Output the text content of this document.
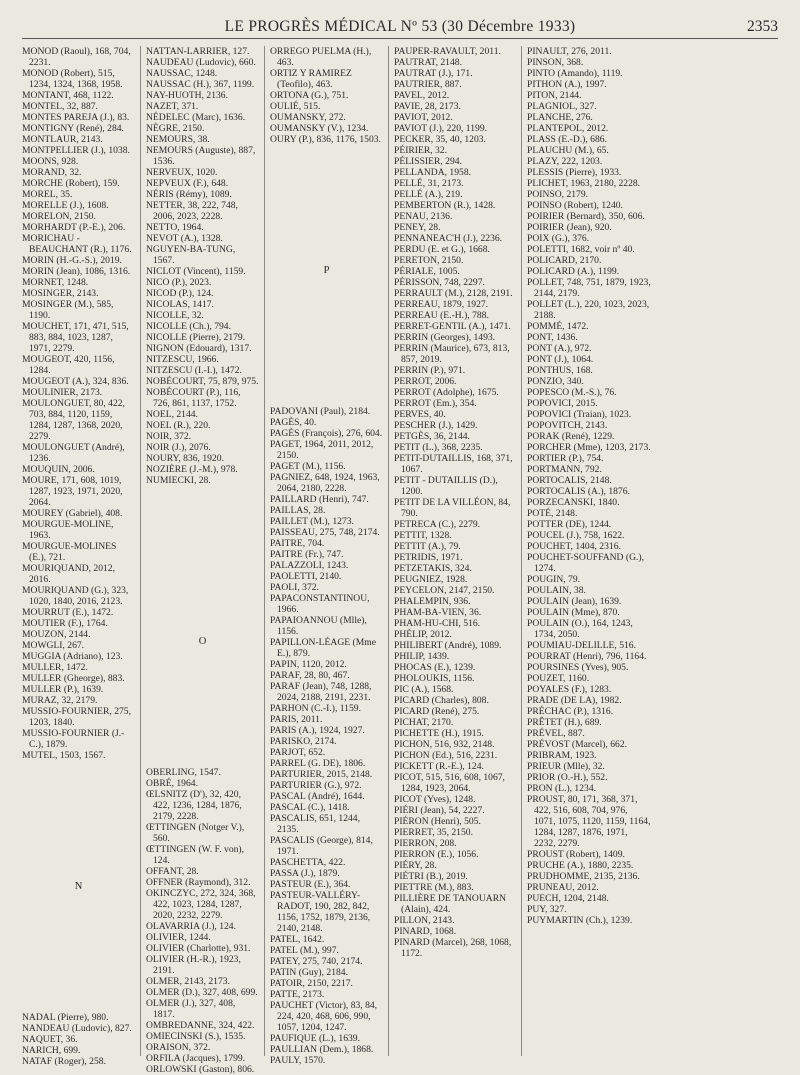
LE PROGRÈS MÉDICAL Nº 53 (30 Décembre 1933)	2353
MONOD (Raoul), 168, 704, 2231.
MONOD (Robert), 515, 1234, 1324, 1368, 1958.
MONTANT, 468, 1122.
MONTEL, 32, 887.
MONTES PAREJA (J.), 83.
MONTIGNY (René), 284.
MONTLAUR, 2143.
MONTPELLIER (J.), 1038.
MOONS, 928.
MORAND, 32.
MORCHE (Robert), 159.
MOREL, 35.
MORELLE (J.), 1608.
MORELON, 2150.
MORHARDT (P.-E.), 206.
MORICHAU - BEAUCHANT (R.), 1176.
MORIN (H.-G.-S.), 2019.
MORIN (Jean), 1086, 1316.
MORNET, 1248.
MOSINGER, 2143.
MOSINGER (M.), 585, 1190.
MOUCHET, 171, 471, 515, 883, 884, 1023, 1287, 1971, 2279.
MOUGEOT, 420, 1156, 1284.
MOUGEOT (A.), 324, 836.
MOULINIER, 2173.
MOULONGUET, 80, 422, 703, 884, 1120, 1159, 1284, 1287, 1368, 2020, 2279.
MOULONGUET (André), 1236.
MOUQUIN, 2006.
MOURE, 171, 608, 1019, 1287, 1923, 1971, 2020, 2064.
MOUREY (Gabriel), 408.
MOURGUE-MOLINE, 1963.
MOURGUE-MOLINES (E.), 721.
MOURIQUAND, 2012, 2016.
MOURIQUAND (G.), 323, 1020, 1840, 2016, 2123.
MOURRUT (E.), 1472.
MOUTIER (F.), 1764.
MOUZON, 2144.
MOWGLI, 267.
MUGGIA (Adriano), 123.
MULLER, 1472.
MULLER (Gheorge), 883.
MULLER (P.), 1639.
MURAZ, 32, 2179.
MUSSIO-FOURNIER, 275, 1203, 1840.
MUSSIO-FOURNIER (J.-C.), 1879.
MUTEL, 1503, 1567.
N
NADAL (Pierre), 980.
NANDEAU (Ludovic), 827.
NAQUET, 36.
NARICH, 699.
NATAF (Roger), 258.
NATTAN-LARRIER, 127.
NAUDEAU (Ludovic), 660.
NAUSSAC, 1248.
NAUSSAC (H.), 367, 1199.
NAY-HUOTH, 2136.
NAZET, 371.
NÉDELEC (Marc), 1636.
NÈGRE, 2150.
NEMOURS, 38.
NEMOURS (Auguste), 887, 1536.
NERVEUX, 1020.
NEPVEUX (F.), 648.
NÉRIS (Rémy), 1089.
NETTER, 38, 222, 748, 2006, 2023, 2228.
NETTO, 1964.
NEVOT (A.), 1328.
NGUYEN-BA-TUNG, 1567.
NICLOT (Vincent), 1159.
NICO (P.), 2023.
NICOD (P.), 124.
NICOLAS, 1417.
NICOLLE, 32.
NICOLLE (Ch.), 794.
NICOLLE (Pierre), 2179.
NIGNON (Edouard), 1317.
NITZESCU, 1966.
NITZESCU (I.-I.), 1472.
NOBÉCOURT, 75, 879, 975.
NOBÉCOURT (P.), 116, 726, 861, 1137, 1752.
NOEL, 2144.
NOEL (R.), 220.
NOIR, 372.
NOIR (J.), 2076.
NOURY, 836, 1920.
NOZIÈRE (J.-M.), 978.
NUMIECKI, 28.
O
OBERLING, 1547.
OBRÉ, 1964.
ŒLSNITZ (D'), 32, 420, 422, 1236, 1284, 1876, 2179, 2228.
ŒTTINGEN (Notger V.), 560.
ŒTTINGEN (W. F. von), 124.
OFFANT, 28.
OFFNER (Raymond), 312.
OKINCZYC, 272, 324, 368, 422, 1023, 1284, 1287, 2020, 2232, 2279.
OLAVARRIA (J.), 124.
OLIVIER, 1244.
OLIVIER (Charlotte), 931.
OLIVIER (H.-R.), 1923, 2191.
OLMER, 2143, 2173.
OLMER (D.), 327, 408, 699.
OLMER (J.), 327, 408, 1817.
OMBREDANNE, 324, 422.
OMIECINSKI (S.), 1535.
ORAISON, 372.
ORFILA (Jacques), 1799.
ORLOWSKI (Gaston), 806.
ORREGO PUELMA (H.), 463.
ORTIZ Y RAMIREZ (Teofilo), 463.
ORTONA (G.), 751.
OULIÉ, 515.
OUMANSKY, 272.
OUMANSKY (V.), 1234.
OURY (P.), 836, 1176, 1503.
P
PADOVANI (Paul), 2184.
PAGÈS, 40.
PAGÈS (François), 276, 604.
PAGET, 1964, 2011, 2012, 2150.
PAGET (M.), 1156.
PAGNIEZ, 648, 1924, 1963, 2064, 2180, 2228.
PAILLARD (Henri), 747.
PAILLAS, 28.
PAILLET (M.), 1273.
PAISSEAU, 275, 748, 2174.
PAITRE, 704.
PAITRE (Fr.), 747.
PALAZZOLI, 1243.
PAOLETTI, 2140.
PAOLI, 372.
PAPACONSTANTINOU, 1966.
PAPAIOANNOU (Mlle), 1156.
PAPILLON-LÉAGE (Mme E.), 879.
PAPIN, 1120, 2012.
PARAF, 28, 80, 467.
PARAF (Jean), 748, 1288, 2024, 2188, 2191, 2231.
PARHON (C.-I.), 1159.
PARIS, 2011.
PARIS (A.), 1924, 1927.
PARISKO, 2174.
PARJOT, 652.
PARREL (G. DE), 1806.
PARTURIER, 2015, 2148.
PARTURIER (G.), 972.
PASCAL (André), 1644.
PASCAL (C.), 1418.
PASCALIS, 651, 1244, 2135.
PASCALIS (George), 814, 1971.
PASCHETTA, 422.
PASSA (J.), 1879.
PASTEUR (E.), 364.
PASTEUR-VALLÉRY-RADOT, 190, 282, 842, 1156, 1752, 1879, 2136, 2140, 2148.
PATEL, 1642.
PATEL (M.), 997.
PATEY, 275, 740, 2174.
PATIN (Guy), 2184.
PATOIR, 2150, 2217.
PATTE, 2173.
PAUCHET (Victor), 83, 84, 224, 420, 468, 606, 990, 1057, 1204, 1247.
PAUFIQUE (L.), 1639.
PAULLIAN (Dem.), 1868.
PAULY, 1570.
PAUPER-RAVAULT, 2011.
PAUTRAT, 2148.
PAUTRAT (J.), 171.
PAUTRIER, 887.
PAVEL, 2012.
PAVIE, 28, 2173.
PAVIOT, 2012.
PAVIOT (J.), 220, 1199.
PECKER, 35, 40, 1203.
PÉIRIER, 32.
PÉLISSIER, 294.
PELLANDA, 1958.
PELLÉ, 31, 2173.
PELLÉ (A.), 219.
PEMBERTON (R.), 1428.
PENAU, 2136.
PENEY, 28.
PENNANEAC'H (J.), 2236.
PERDU (E. et G.), 1668.
PERETON, 2150.
PÉRIALE, 1005.
PÉRISSON, 748, 2297.
PERRAULT (M.), 2128, 2191.
PERREAU, 1879, 1927.
PERREAU (E.-H.), 788.
PERRET-GENTIL (A.), 1471.
PERRIN (Georges), 1493.
PERRIN (Maurice), 673, 813, 857, 2019.
PERRIN (P.), 971.
PERROT, 2006.
PERROT (Adolphe), 1675.
PERROT (Em.), 354.
PERVES, 40.
PESCHER (J.), 1429.
PETGÈS, 36, 2144.
PETIT (L.), 368, 2235.
PETIT-DUTAILLIS, 168, 371, 1067.
PETIT - DUTAILLIS (D.), 1200.
PETIT DE LA VILLÉON, 84, 790.
PETRECA (C.), 2279.
PETTIT, 1328.
PETTIT (A.), 79.
PETRIDIS, 1971.
PETZETAKIS, 324.
PEUGNIEZ, 1928.
PEYCELON, 2147, 2150.
PHALEMPIN, 936.
PHAM-BA-VIEN, 36.
PHAM-HU-CHI, 516.
PHÉLIP, 2012.
PHILIBERT (André), 1089.
PHILIP, 1439.
PHOCAS (E.), 1239.
PHOLOUKIS, 1156.
PIC (A.), 1568.
PICARD (Charles), 808.
PICARD (René), 275.
PICHAT, 2170.
PICHETTE (H.), 1915.
PICHON, 516, 932, 2148.
PICHON (Ed.), 516, 2231.
PICKETT (R.-E.), 124.
PICOT, 515, 516, 608, 1067, 1284, 1923, 2064.
PICOT (Yves), 1248.
PIÉRI (Jean), 54, 2227.
PIÉRON (Henri), 505.
PIERRET, 35, 2150.
PIERRON, 208.
PIERRON (E.), 1056.
PIÉRY, 28.
PIÉTRI (B.), 2019.
PIETTRE (M.), 883.
PILLIÈRE DE TANOUARN (Alain), 424.
PILLON, 2143.
PINARD, 1068.
PINARD (Marcel), 268, 1068, 1172.
PINAULT, 276, 2011.
PINSON, 368.
PINTO (Amando), 1119.
PITHON (A.), 1997.
PITON, 2144.
PLAGNIOL, 327.
PLANCHE, 276.
PLANTEPOL, 2012.
PLASS (E.-D.), 686.
PLAUCHU (M.), 65.
PLAZY, 222, 1203.
PLESSIS (Pierre), 1933.
PLICHET, 1963, 2180, 2228.
POINSO, 2179.
POINSO (Robert), 1240.
POIRIER (Bernard), 350, 606.
POIRIER (Jean), 920.
POIX (G.), 376.
POLETTI, 1682, voir nº 40.
POLICARD, 2170.
POLICARD (A.), 1199.
POLLET, 748, 751, 1879, 1923, 2144, 2179.
POLLET (L.), 220, 1023, 2023, 2188.
POMMÉ, 1472.
PONT, 1436.
PONT (A.), 972.
PONT (J.), 1064.
PONTHUS, 168.
PONZIO, 340.
POPESCO (M.-S.), 76.
POPOVICI, 2015.
POPOVICI (Traian), 1023.
POPOVITCH, 2143.
PORAK (René), 1229.
PORCHER (Mme), 1203, 2173.
PORTIER (P.), 754.
PORTMANN, 792.
PORTOCALIS, 2148.
PORTOCALIS (A.), 1876.
PORZECANSKI, 1840.
POTÉ, 2148.
POTTER (DE), 1244.
POUCEL (J.), 758, 1622.
POUCHET, 1404, 2316.
POUCHET-SOUFFAND (G.), 1274.
POUGIN, 79.
POULAIN, 38.
POULAIN (Jean), 1639.
POULAIN (Mme), 870.
POULAIN (O.), 164, 1243, 1734, 2050.
POUMIAU-DELILLE, 516.
POURRAT (Henri), 796, 1164.
POURSINES (Yves), 905.
POUZET, 1160.
POYALES (F.), 1283.
PRADE (DE LA), 1982.
PRÉCHAC (P.), 1316.
PRÊTET (H.), 689.
PRÉVEL, 887.
PRÉVOST (Marcel), 662.
PRIBRAM, 1923.
PRIEUR (Mlle), 32.
PRIOR (O.-H.), 552.
PRON (L.), 1234.
PROUST, 80, 171, 368, 371, 422, 516, 608, 704, 976, 1071, 1075, 1120, 1159, 1164, 1284, 1287, 1876, 1971, 2232, 2279.
PROUST (Robert), 1409.
PRUCHE (A.), 1880, 2235.
PRUDHOMME, 2135, 2136.
PRUNEAU, 2012.
PUECH, 1204, 2148.
PUY, 327.
PUYMARTIN (Ch.), 1239.
